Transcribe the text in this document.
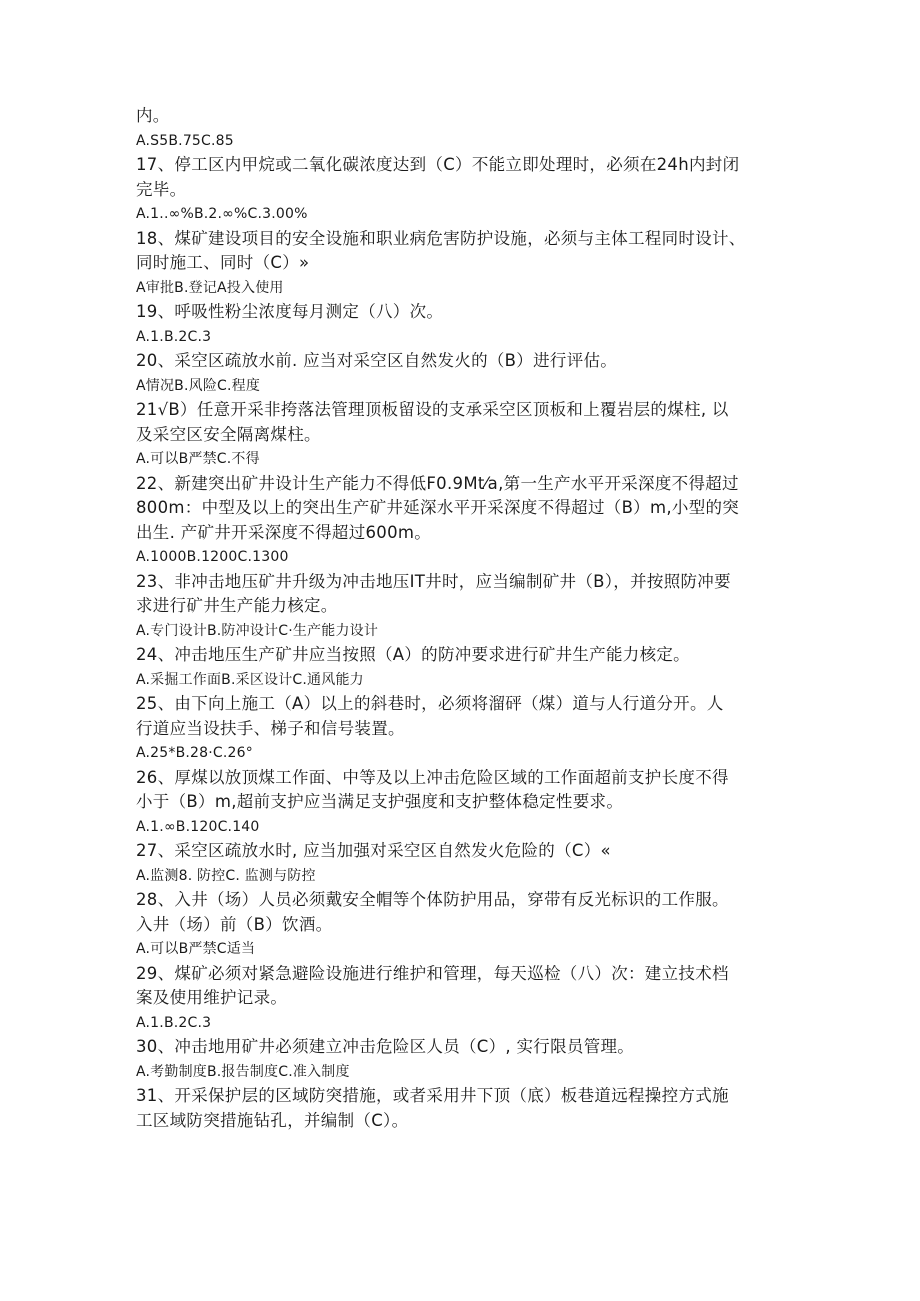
内。

A.S5B.75C.85

17、停工区内甲烷或二氧化碳浓度达到（C）不能立即处理时，必须在24h内封闭

完毕。

A.1..∞%B.2.∞%C.3.00%

18、煤矿建设项目的安全设施和职业病危害防护设施，必须与主体工程同时设计、

同时施工、同时（C）»

A审批B.登记A投入使用

19、呼吸性粉尘浓度每月测定（八）次。

A.1.B.2C.3

20、采空区疏放水前. 应当对采空区自然发火的（B）进行评估。

A情况B.风险C.程度

21√B）任意开采非挎落法管理顶板留设的支承采空区顶板和上覆岩层的煤柱, 以

及采空区安全隔离煤柱。

A.可以B严禁C.不得

22、新建突出矿井设计生产能力不得低F0.9Mt⁄a,第一生产水平开采深度不得超过

800m：中型及以上的突出生产矿井延深水平开采深度不得超过（B）m,小型的突

出生. 产矿井开采深度不得超过600m。

A.1000B.1200C.1300

23、非冲击地压矿井升级为冲击地压IT井时，应当编制矿井（B），并按照防冲要

求进行矿井生产能力核定。

A.专门设计B.防冲设计C·生产能力设计

24、冲击地压生产矿井应当按照（A）的防冲要求进行矿井生产能力核定。

A.采掘工作面B.采区设计C.通风能力

25、由下向上施工（A）以上的斜巷时，必须将溜砰（煤）道与人行道分开。人

行道应当设扶手、梯子和信号装置。

A.25*B.28·C.26°

26、厚煤以放顶煤工作面、中等及以上冲击危险区域的工作面超前支护长度不得

小于（B）m,超前支护应当满足支护强度和支护整体稳定性要求。

A.1.∞B.120C.140

27、采空区疏放水时, 应当加强对采空区自然发火危险的（C）«

A.监测8. 防控C. 监测与防控

28、入井（场）人员必须戴安全帽等个体防护用品，穿带有反光标识的工作服。

入井（场）前（B）饮酒。

A.可以B严禁C适当

29、煤矿必须对紧急避险设施进行维护和管理，每天巡检（八）次：建立技术档

案及使用维护记录。

A.1.B.2C.3

30、冲击地用矿井必须建立冲击危险区人员（C）, 实行限员管理。

A.考勤制度B.报告制度C.准入制度

31、开采保护层的区域防突措施，或者采用井下顶（底）板巷道远程操控方式施

工区域防突措施钻孔，并编制（C）。
